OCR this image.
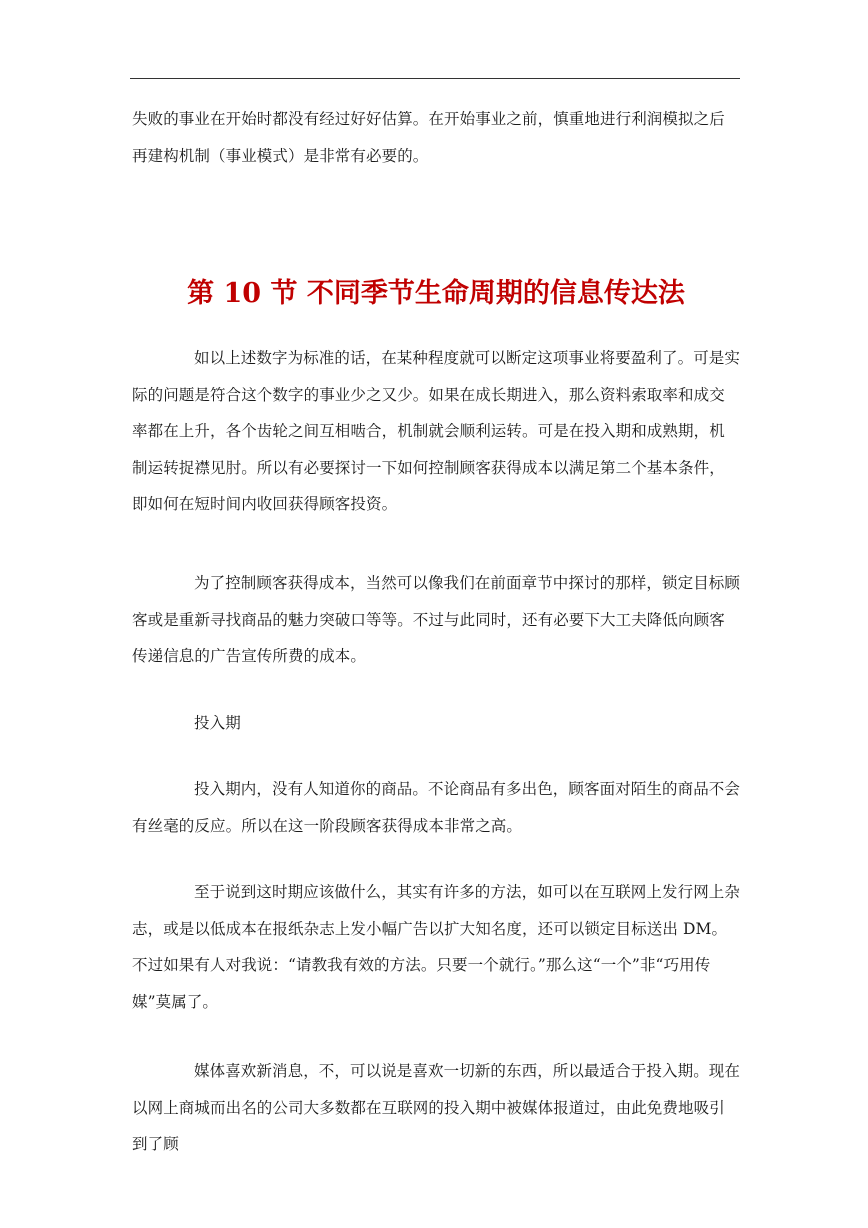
失败的事业在开始时都没有经过好好估算。在开始事业之前，慎重地进行利润模拟之后再建构机制（事业模式）是非常有必要的。

第 10 节 不同季节生命周期的信息传达法

如以上述数字为标准的话，在某种程度就可以断定这项事业将要盈利了。可是实际的问题是符合这个数字的事业少之又少。如果在成长期进入，那么资料索取率和成交率都在上升，各个齿轮之间互相啮合，机制就会顺利运转。可是在投入期和成熟期，机制运转捉襟见肘。所以有必要探讨一下如何控制顾客获得成本以满足第二个基本条件，即如何在短时间内收回获得顾客投资。

为了控制顾客获得成本，当然可以像我们在前面章节中探讨的那样，锁定目标顾客或是重新寻找商品的魅力突破口等等。不过与此同时，还有必要下大工夫降低向顾客传递信息的广告宣传所费的成本。

投入期

投入期内，没有人知道你的商品。不论商品有多出色，顾客面对陌生的商品不会有丝毫的反应。所以在这一阶段顾客获得成本非常之高。

至于说到这时期应该做什么，其实有许多的方法，如可以在互联网上发行网上杂志，或是以低成本在报纸杂志上发小幅广告以扩大知名度，还可以锁定目标送出 DM。不过如果有人对我说：“请教我有效的方法。只要一个就行。”那么这“一个”非“巧用传媒”莫属了。

媒体喜欢新消息，不，可以说是喜欢一切新的东西，所以最适合于投入期。现在以网上商城而出名的公司大多数都在互联网的投入期中被媒体报道过，由此免费地吸引到了顾
